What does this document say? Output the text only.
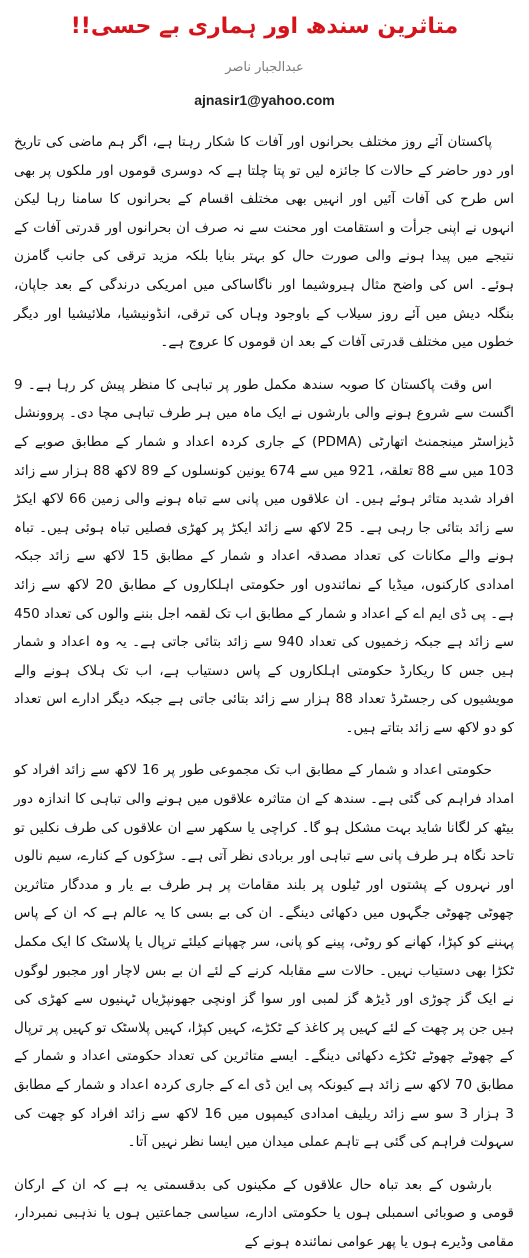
متاثرین سندھ اور ہماری بے حسی!!
عبدالجبار ناصر
ajnasir1@yahoo.com

پاکستان آئے روز مختلف بحرانوں اور آفات کا شکار رہتا ہے، اگر ہم ماضی کی تاریخ اور دور حاضر کے حالات کا جائزہ لیں تو پتا چلتا ہے کہ دوسری قوموں اور ملکوں پر بھی اس طرح کی آفات آئیں اور انہیں بھی مختلف اقسام کے بحرانوں کا سامنا رہا لیکن انہوں نے اپنی جرأت و استقامت اور محنت سے نہ صرف ان بحرانوں اور قدرتی آفات کے نتیجے میں پیدا ہونے والی صورت حال کو بہتر بنایا بلکہ مزید ترقی کی جانب گامزن ہوئے۔ اس کی واضح مثال ہیروشیما اور ناگاساکی میں امریکی درندگی کے بعد جاپان، بنگلہ دیش میں آئے روز سیلاب کے باوجود وہاں کی ترقی، انڈونیشیا، ملائیشیا اور دیگر خطوں میں مختلف قدرتی آفات کے بعد ان قوموں کا عروج ہے۔

اس وقت پاکستان کا صوبہ سندھ مکمل طور پر تباہی کا منظر پیش کر رہا ہے۔ 9 اگست سے شروع ہونے والی بارشوں نے ایک ماہ میں ہر طرف تباہی مچا دی۔ پروونشل ڈیزاسٹر مینجمنٹ اتھارٹی (PDMA) کے جاری کردہ اعداد و شمار کے مطابق صوبے کے 103 میں سے 88 تعلقہ، 921 میں سے 674 یونین کونسلوں کے 89 لاکھ 88 ہزار سے زائد افراد شدید متاثر ہوئے ہیں۔ ان علاقوں میں پانی سے تباہ ہونے والی زمین 66 لاکھ ایکڑ سے زائد بتائی جا رہی ہے۔ 25 لاکھ سے زائد ایکڑ پر کھڑی فصلیں تباہ ہوئی ہیں۔ تباہ ہونے والے مکانات کی تعداد مصدقہ اعداد و شمار کے مطابق 15 لاکھ سے زائد جبکہ امدادی کارکنوں، میڈیا کے نمائندوں اور حکومتی اہلکاروں کے مطابق 20 لاکھ سے زائد ہے۔ پی ڈی ایم اے کے اعداد و شمار کے مطابق اب تک لقمہ اجل بننے والوں کی تعداد 450 سے زائد ہے جبکہ زخمیوں کی تعداد 940 سے زائد بتائی جاتی ہے۔ یہ وہ اعداد و شمار ہیں جس کا ریکارڈ حکومتی اہلکاروں کے پاس دستیاب ہے، اب تک ہلاک ہونے والے مویشیوں کی رجسٹرڈ تعداد 88 ہزار سے زائد بتائی جاتی ہے جبکہ دیگر ادارے اس تعداد کو دو لاکھ سے زائد بتاتے ہیں۔

حکومتی اعداد و شمار کے مطابق اب تک مجموعی طور پر 16 لاکھ سے زائد افراد کو امداد فراہم کی گئی ہے۔ سندھ کے ان متاثرہ علاقوں میں ہونے والی تباہی کا اندازہ دور بیٹھ کر لگانا شاید بہت مشکل ہو گا۔ کراچی یا سکھر سے ان علاقوں کی طرف نکلیں تو تاحد نگاہ ہر طرف پانی سے تباہی اور بربادی نظر آتی ہے۔ سڑکوں کے کنارے، سیم نالوں اور نہروں کے پشتوں اور ٹیلوں پر بلند مقامات پر ہر طرف بے یار و مددگار متاثرین چھوٹی چھوٹی جگہوں میں دکھائی دینگے۔ ان کی بے بسی کا یہ عالم ہے کہ ان کے پاس پہننے کو کپڑا، کھانے کو روٹی، پینے کو پانی، سر چھپانے کیلئے ترپال یا پلاسٹک کا ایک مکمل ٹکڑا بھی دستیاب نہیں۔ حالات سے مقابلہ کرنے کے لئے ان بے بس لاچار اور مجبور لوگوں نے ایک گز چوڑی اور ڈیڑھ گز لمبی اور سوا گز اونچی جھونپڑیاں ٹہنیوں سے کھڑی کی ہیں جن پر چھت کے لئے کہیں پر کاغذ کے ٹکڑے، کہیں کپڑا، کہیں پلاسٹک تو کہیں پر ترپال کے چھوٹے چھوٹے ٹکڑے دکھائی دینگے۔ ایسے متاثرین کی تعداد حکومتی اعداد و شمار کے مطابق 70 لاکھ سے زائد ہے کیونکہ پی این ڈی اے کے جاری کردہ اعداد و شمار کے مطابق 3 ہزار 3 سو سے زائد ریلیف امدادی کیمپوں میں 16 لاکھ سے زائد افراد کو چھت کی سہولت فراہم کی گئی ہے تاہم عملی میدان میں ایسا نظر نہیں آتا۔

بارشوں کے بعد تباہ حال علاقوں کے مکینوں کی بدقسمتی یہ ہے کہ ان کے ارکان قومی و صوبائی اسمبلی ہوں یا حکومتی ادارے، سیاسی جماعتیں ہوں یا نذہبی نمبردار، مقامی وڈیرے ہوں یا پھر عوامی نمائندہ ہونے کے
